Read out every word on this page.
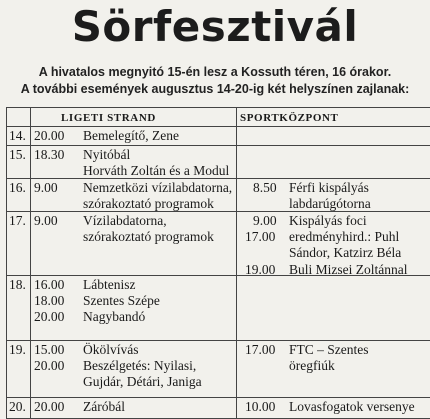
Sörfesztivál
A hivatalos megnyitó 15-én lesz a Kossuth téren, 16 órakor.
A további események augusztus 14-20-ig két helyszínen zajlanak:
LIGETI STRAND	SPORTKÖZPONT
14. 20.00 Bemelegítő, Zene
15. 18.30 Nyitóbál
Horváth Zoltán és a Modul
16. 9.00 Nemzetközi vízilabdatorna,
szórakoztató programok
8.50 Férfi kispályás
labdarúgótorna
17. 9.00 Vízilabdatorna,
szórakoztató programok
9.00 Kispályás foci
17.00 eredményhird.: Puhl
Sándor, Katzirz Béla
19.00 Buli Mizsei Zoltánnal
18. 16.00 Lábtenisz
18.00 Szentes Szépe
20.00 Nagybandó
19. 15.00 Ökölvívás
20.00 Beszélgetés: Nyilasi,
Gujdár, Détári, Janiga
17.00 FTC – Szentes
öregfiúk
20. 20.00 Záróbál	10.00 Lovasfogatok versenye
